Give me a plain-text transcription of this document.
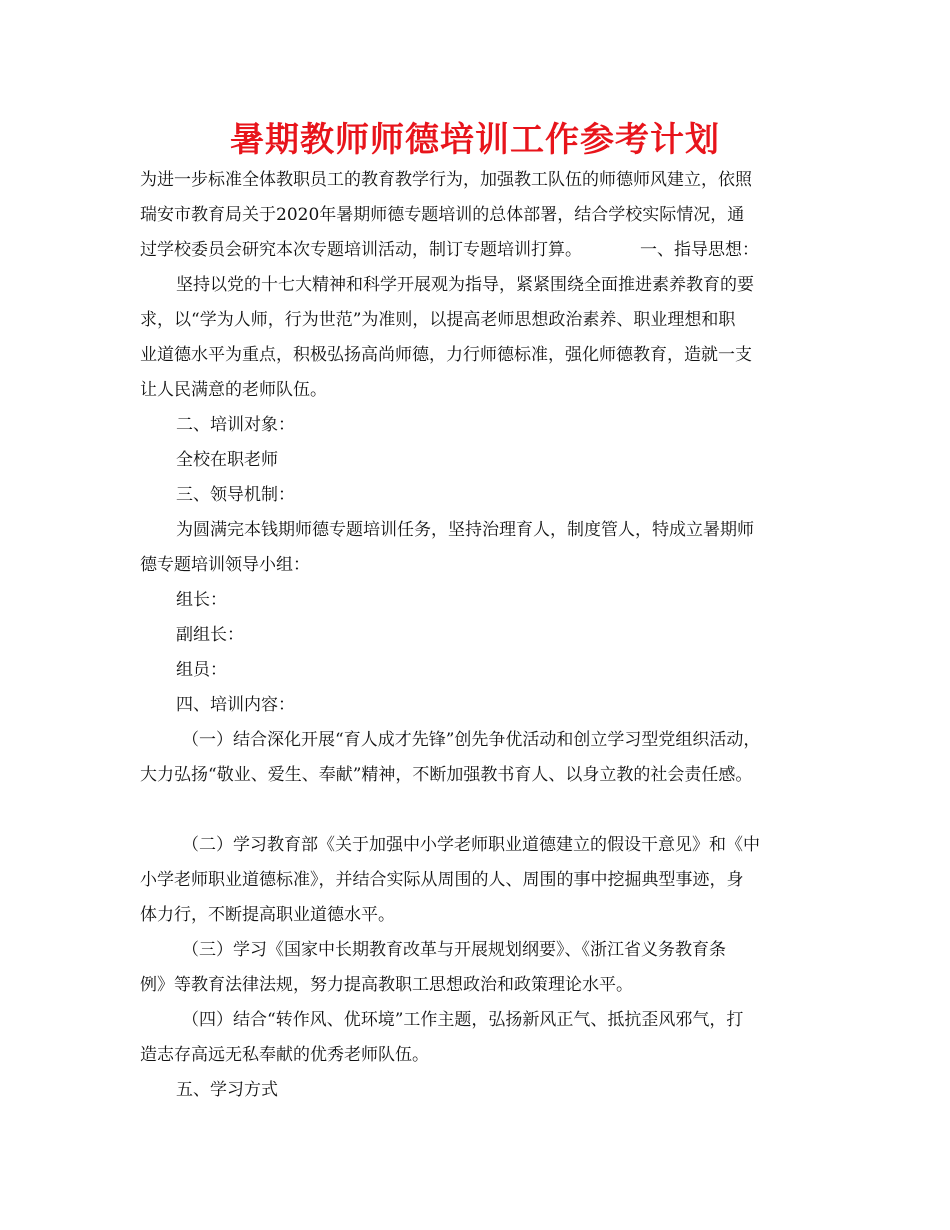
暑期教师师德培训工作参考计划
为进一步标准全体教职员工的教育教学行为，加强教工队伍的师德师风建立，依照
瑞安市教育局关于2020年暑期师德专题培训的总体部署，结合学校实际情况，通
过学校委员会研究本次专题培训活动，制订专题培训打算。	一、指导思想：
坚持以党的十七大精神和科学开展观为指导，紧紧围绕全面推进素养教育的要
求，以“学为人师，行为世范”为准则，以提高老师思想政治素养、职业理想和职
业道德水平为重点，积极弘扬高尚师德，力行师德标准，强化师德教育，造就一支
让人民满意的老师队伍。
二、培训对象：
全校在职老师
三、领导机制：
为圆满完本钱期师德专题培训任务，坚持治理育人，制度管人，特成立暑期师
德专题培训领导小组：
组长：
副组长：
组员：
四、培训内容：
（一）结合深化开展“育人成才先锋”创先争优活动和创立学习型党组织活动，
大力弘扬“敬业、爱生、奉献”精神，不断加强教书育人、以身立教的社会责任感。
（二）学习教育部《关于加强中小学老师职业道德建立的假设干意见》和《中
小学老师职业道德标准》，并结合实际从周围的人、周围的事中挖掘典型事迹，身
体力行，不断提高职业道德水平。
（三）学习《国家中长期教育改革与开展规划纲要》、《浙江省义务教育条
例》等教育法律法规，努力提高教职工思想政治和政策理论水平。
（四）结合“转作风、优环境”工作主题，弘扬新风正气、抵抗歪风邪气，打
造志存高远无私奉献的优秀老师队伍。
五、学习方式
